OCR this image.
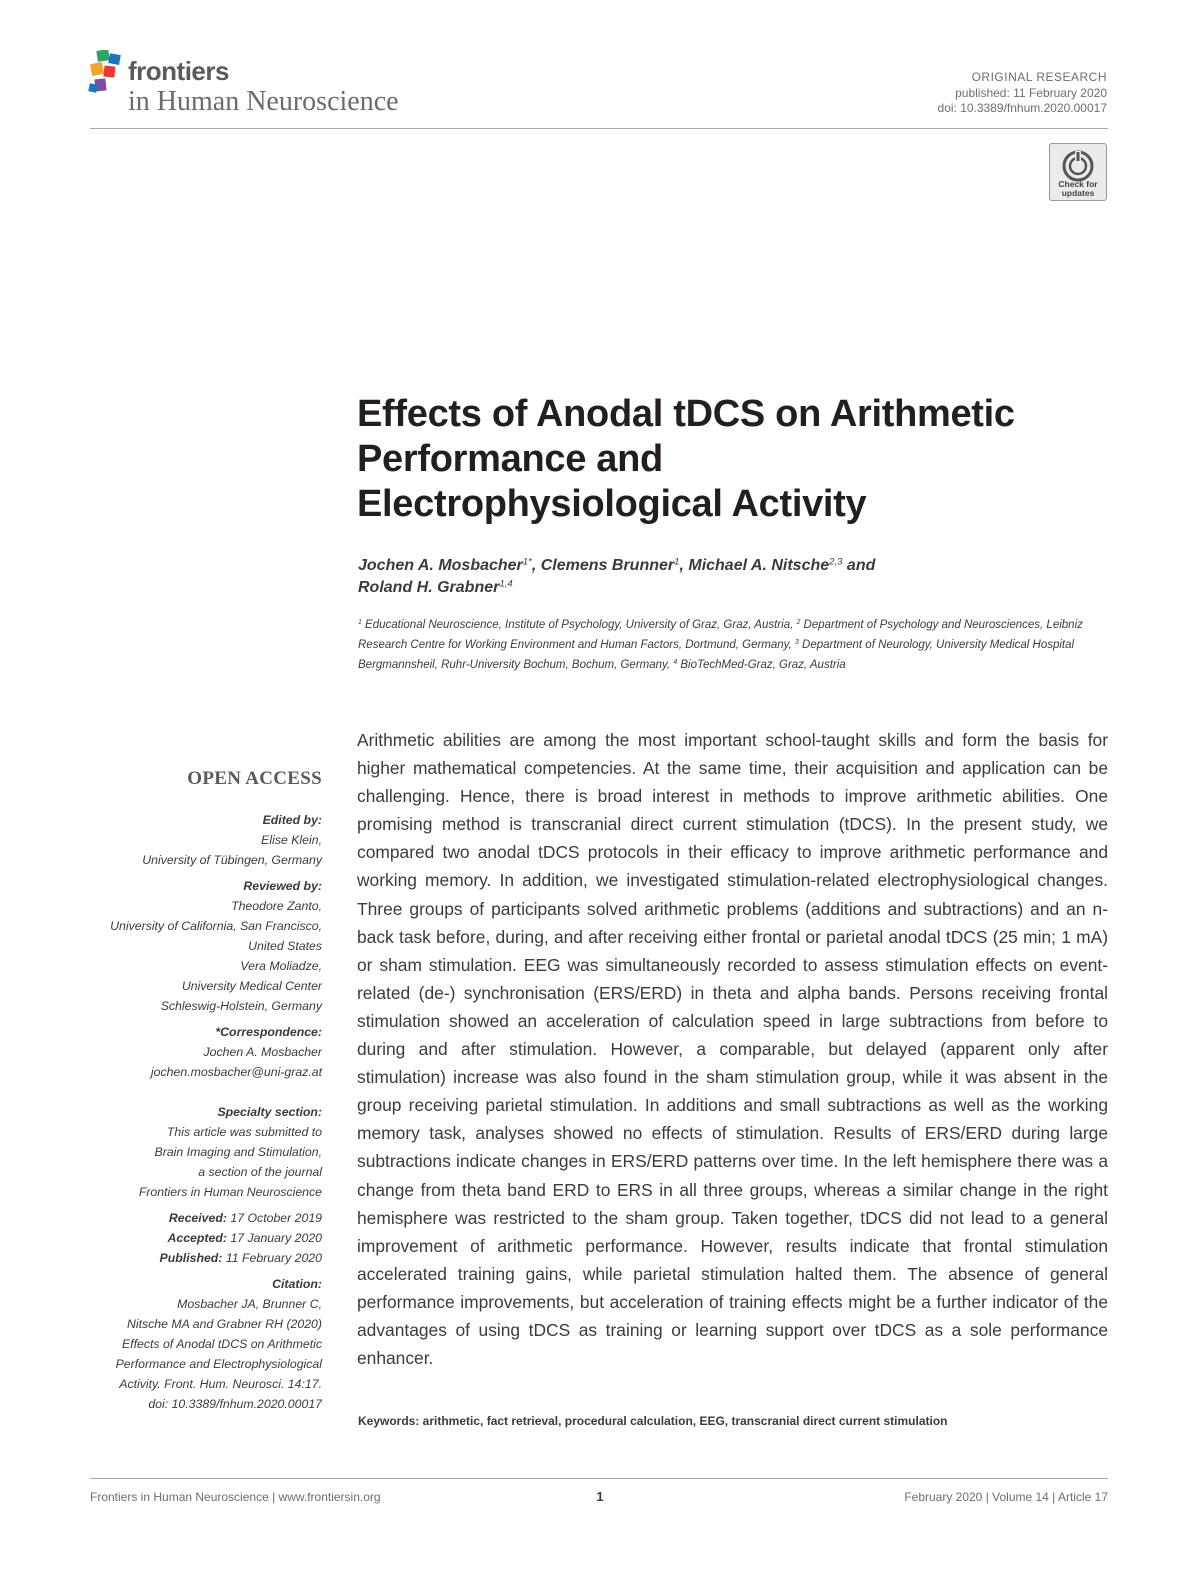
frontiers
in Human Neuroscience
ORIGINAL RESEARCH
published: 11 February 2020
doi: 10.3389/fnhum.2020.00017
Check for
updates
Effects of Anodal tDCS on Arithmetic
Performance and
Electrophysiological Activity
Jochen A. Mosbacher$^{1*}$, Clemens Brunner$^1$, Michael A. Nitsche$^{2,3}$ and
Roland H. Grabner$^{1,4}$
$^1$ Educational Neuroscience, Institute of Psychology, University of Graz, Graz, Austria, $^2$ Department of Psychology and Neurosciences, Leibniz Research Centre for Working Environment and Human Factors, Dortmund, Germany, $^3$ Department of Neurology, University Medical Hospital Bergmannsheil, Ruhr-University Bochum, Bochum, Germany, $^4$ BioTechMed-Graz, Graz, Austria

Arithmetic abilities are among the most important school-taught skills and form the basis for higher mathematical competencies. At the same time, their acquisition and application can be challenging. Hence, there is broad interest in methods to improve arithmetic abilities. One promising method is transcranial direct current stimulation (tDCS). In the present study, we compared two anodal tDCS protocols in their efficacy to improve arithmetic performance and working memory. In addition, we investigated stimulation-related electrophysiological changes. Three groups of participants solved arithmetic problems (additions and subtractions) and an n-back task before, during, and after receiving either frontal or parietal anodal tDCS (25 min; 1 mA) or sham stimulation. EEG was simultaneously recorded to assess stimulation effects on event-related (de-) synchronisation (ERS/ERD) in theta and alpha bands. Persons receiving frontal stimulation showed an acceleration of calculation speed in large subtractions from before to during and after stimulation. However, a comparable, but delayed (apparent only after stimulation) increase was also found in the sham stimulation group, while it was absent in the group receiving parietal stimulation. In additions and small subtractions as well as the working memory task, analyses showed no effects of stimulation. Results of ERS/ERD during large subtractions indicate changes in ERS/ERD patterns over time. In the left hemisphere there was a change from theta band ERD to ERS in all three groups, whereas a similar change in the right hemisphere was restricted to the sham group. Taken together, tDCS did not lead to a general improvement of arithmetic performance. However, results indicate that frontal stimulation accelerated training gains, while parietal stimulation halted them. The absence of general performance improvements, but acceleration of training effects might be a further indicator of the advantages of using tDCS as training or learning support over tDCS as a sole performance enhancer.

Keywords: arithmetic, fact retrieval, procedural calculation, EEG, transcranial direct current stimulation
OPEN ACCESS
Edited by:
Elise Klein,
University of Tübingen, Germany
Reviewed by:
Theodore Zanto,
University of California, San Francisco,
United States
Vera Moliadze,
University Medical Center
Schleswig-Holstein, Germany
*Correspondence:
Jochen A. Mosbacher
jochen.mosbacher@uni-graz.at
Specialty section:
This article was submitted to
Brain Imaging and Stimulation,
a section of the journal
Frontiers in Human Neuroscience
Received: 17 October 2019
Accepted: 17 January 2020
Published: 11 February 2020
Citation:
Mosbacher JA, Brunner C,
Nitsche MA and Grabner RH (2020)
Effects of Anodal tDCS on Arithmetic
Performance and Electrophysiological
Activity. Front. Hum. Neurosci. 14:17.
doi: 10.3389/fnhum.2020.00017
Frontiers in Human Neuroscience | www.frontiersin.org	1	February 2020 | Volume 14 | Article 17
